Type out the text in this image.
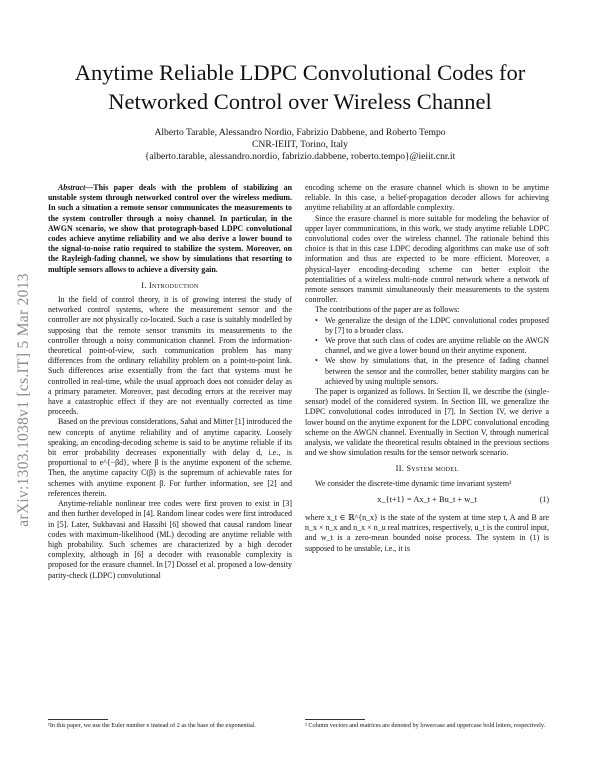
Anytime Reliable LDPC Convolutional Codes for Networked Control over Wireless Channel
Alberto Tarable, Alessandro Nordio, Fabrizio Dabbene, and Roberto Tempo
CNR-IEIIT, Torino, Italy
{alberto.tarable, alessandro.nordio, fabrizio.dabbene, roberto.tempo}@ieiit.cnr.it
arXiv:1303.1038v1 [cs.IT] 5 Mar 2013

Abstract—This paper deals with the problem of stabilizing an unstable system through networked control over the wireless medium. In such a situation a remote sensor communicates the measurements to the system controller through a noisy channel. In particular, in the AWGN scenario, we show that protograph-based LDPC convolutional codes achieve anytime reliability and we also derive a lower bound to the signal-to-noise ratio required to stabilize the system. Moreover, on the Rayleigh-fading channel, we show by simulations that resorting to multiple sensors allows to achieve a diversity gain.

I. Introduction

In the field of control theory, it is of growing interest the study of networked control systems, where the measurement sensor and the controller are not physically co-located. Such a case is suitably modelled by supposing that the remote sensor transmits its measurements to the controller through a noisy communication channel. From the information-theoretical point-of-view, such communication problem has many differences from the ordinary reliability problem on a point-to-point link. Such differences arise exsentially from the fact that systems must be controlled in real-time, while the usual approach does not consider delay as a primary parameter. Moreover, past decoding errors at the receiver may have a catastrophic effect if they are not eventually corrected as time proceeds.

Based on the previous considerations, Sahai and Mitter [1] introduced the new concepts of anytime reliability and of anytime capacity. Loosely speaking, an encoding-decoding scheme is said to be anytime reliable if its bit error probability decreases exponentially with delay d, i.e., is proportional to e^{−βd}, where β is the anytime exponent of the scheme. Then, the anytime capacity C(β) is the supremum of achievable rates for schemes with anytime exponent β. For further information, see [2] and references therein.

Anytime-reliable nonlinear tree codes were first proven to exist in [3] and then further developed in [4]. Random linear codes were first introduced in [5]. Later, Sukhavasi and Hassibi [6] showed that causal random linear codes with maximum-likelihood (ML) decoding are anytime reliable with high probability. Such schemes are characterized by a high decoder complexity, although in [6] a decoder with reasonable complexity is proposed for the erasure channel. In [7] Dossel et al. proposed a low-density parity-check (LDPC) convolutional

encoding scheme on the erasure channel which is shown to be anytime reliable. In this case, a belief-propagation decoder allows for achieving anytime reliability at an affordable complexity.

Since the erasure channel is more suitable for modeling the behavior of upper layer communications, in this work, we study anytime reliable LDPC convolutional codes over the wireless channel. The rationale behind this choice is that in this case LDPC decoding algorithms can make use of soft information and thus are expected to be more efficient. Moreover, a physical-layer encoding-decoding scheme can better exploit the potentialities of a wireless multi-node control network where a network of remote sensors transmit simultaneously their measurements to the system controller.

The contributions of the paper are as follows:

• We generalize the design of the LDPC convolutional codes proposed by [7] to a broader class.
• We prove that such class of codes are anytime reliable on the AWGN channel, and we give a lower bound on their anytime exponent.
• We show by simulations that, in the presence of fading channel between the sensor and the controller, better stability margins can be achieved by using multiple sensors.

The paper is organized as follows. In Section II, we describe the (single-sensor) model of the considered system. In Section III, we generalize the LDPC convolutional codes introduced in [7]. In Section IV, we derive a lower bound on the anytime exponent for the LDPC convolutional encoding scheme on the AWGN channel. Eventually in Section V, through numerical analysis, we validate the theoretical results obtained in the previous sections and we show simulation results for the sensor network scenario.

II. System model

We consider the discrete-time dynamic time invariant system²

x_{t+1} = Ax_t + Bu_t + w_t	(1)

where x_t ∈ ℝ^{n_x} is the state of the system at time step t, A and B are n_x × n_x and n_x × n_u real matrices, respectively, u_t is the control input, and w_t is a zero-mean bounded noise process. The system in (1) is supposed to be unstable, i.e., it is

¹In this paper, we use the Euler number e instead of 2 as the base of the exponential.	² Column vectors and matrices are denoted by lowercase and uppercase bold letters, respectively.
